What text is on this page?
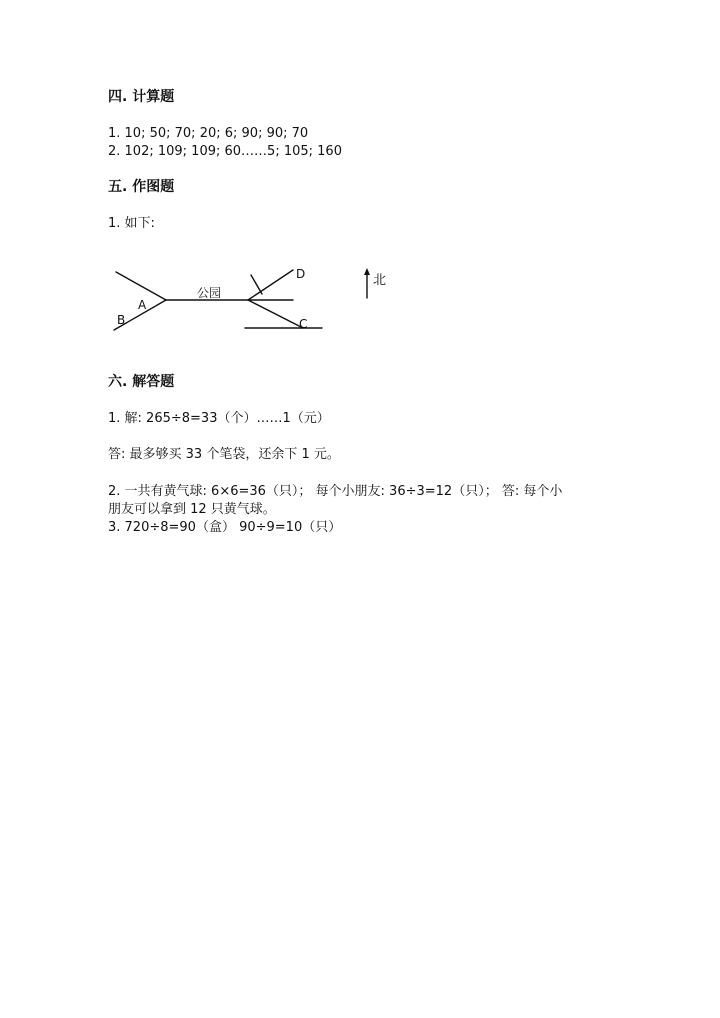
四. 计算题
1. 10; 50; 70; 20; 6; 90; 90; 70
2. 102; 109; 109; 60……5; 105; 160
五. 作图题
1. 如下:
A
B
公园
D
C
北
六. 解答题
1. 解: 265÷8=33（个）……1（元）
答: 最多够买 33 个笔袋，还余下 1 元。
2. 一共有黄气球: 6×6=36（只）； 每个小朋友: 36÷3=12（只）； 答: 每个小
朋友可以拿到 12 只黄气球。
3. 720÷8=90（盒） 90÷9=10（只）
